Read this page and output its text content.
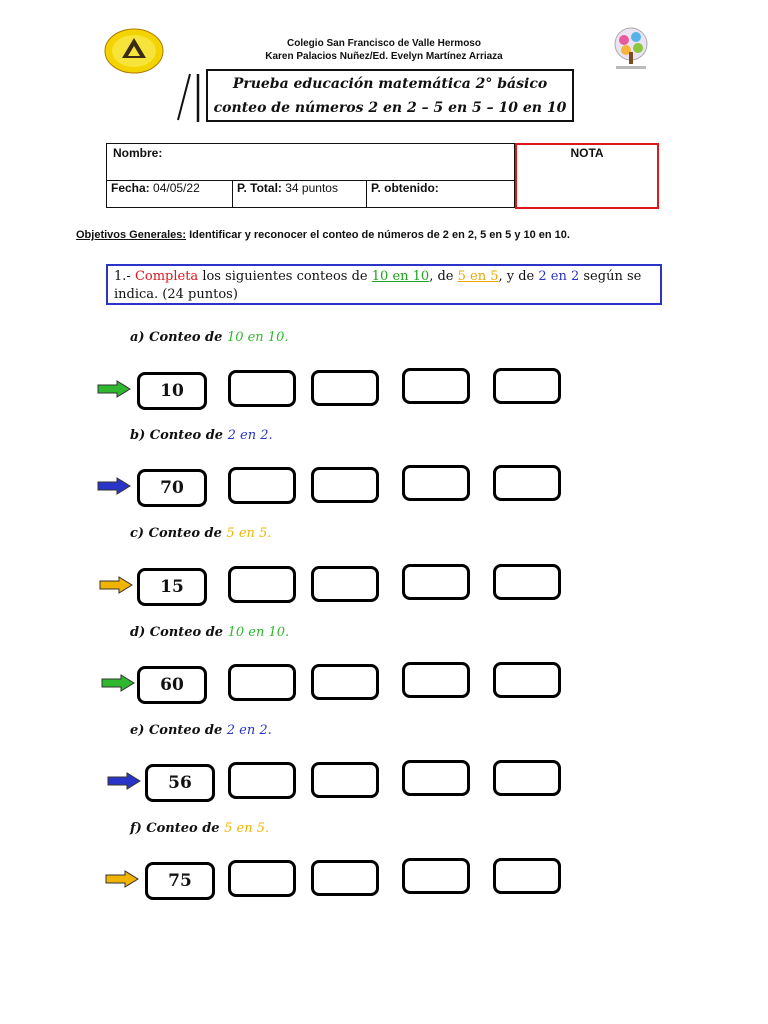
Colegio San Francisco de Valle Hermoso
Karen Palacios Nuñez/Ed. Evelyn Martínez Arriaza
Prueba educación matemática 2° básico
conteo de números 2 en 2 – 5 en 5 – 10 en 10
Nombre:
Fecha: 04/05/22	P. Total: 34 puntos	P. obtenido:
NOTA
Objetivos Generales: Identificar y reconocer el conteo de números de 2 en 2, 5 en 5 y 10 en 10.
1.- Completa los siguientes conteos de 10 en 10, de 5 en 5, y de 2 en 2 según se indica. (24 puntos)
a) Conteo de 10 en 10.
10
b) Conteo de 2 en 2.
70
c) Conteo de 5 en 5.
15
d) Conteo de 10 en 10.
60
e) Conteo de 2 en 2.
56
f) Conteo de 5 en 5.
75
